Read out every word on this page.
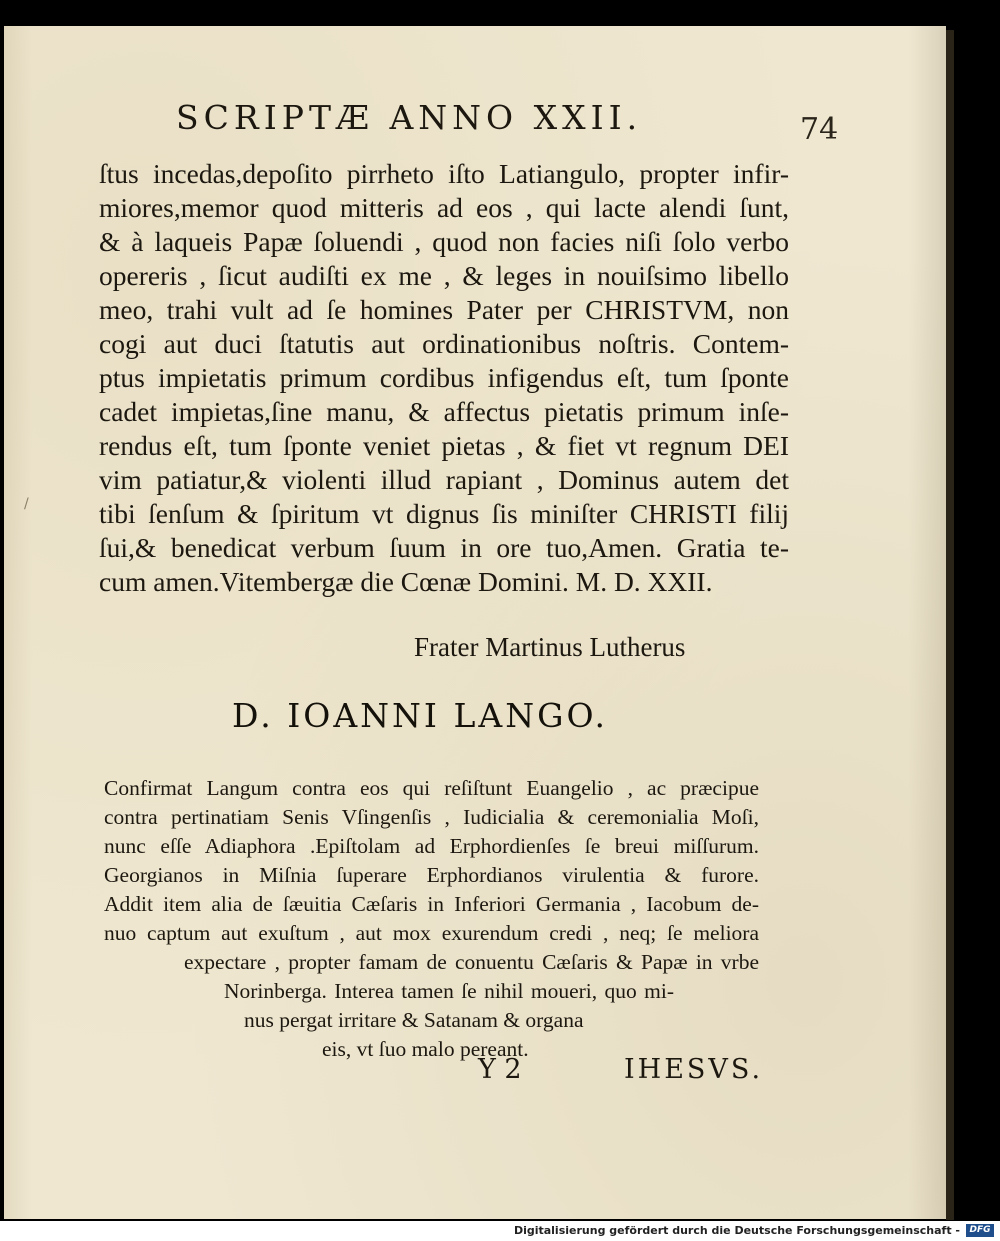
SCRIPTÆ ANNO XXII.	74
ſtus incedas,depoſito pirrheto iſto Latiangulo, propter infir-
miores,memor quod mitteris ad eos , qui lacte alendi ſunt,
& à laqueis Papæ ſoluendi , quod non facies niſi ſolo verbo
opereris , ſicut audiſti ex me , & leges in nouiſsimo libello
meo, trahi vult ad ſe homines Pater per CHRISTVM, non
cogi aut duci ſtatutis aut ordinationibus noſtris. Contem-
ptus impietatis primum cordibus infigendus eſt, tum ſponte
cadet impietas,ſine manu, & affectus pietatis primum inſe-
rendus eſt, tum ſponte veniet pietas , & fiet vt regnum DEI
vim patiatur,& violenti illud rapiant , Dominus autem det
tibi ſenſum & ſpiritum vt dignus ſis miniſter CHRISTI filij
ſui,& benedicat verbum ſuum in ore tuo,Amen. Gratia te-
cum amen.Vitembergæ die Cœnæ Domini. M. D. XXII.
Frater Martinus Lutherus
D. IOANNI LANGO.
Confirmat Langum contra eos qui reſiſtunt Euangelio , ac præcipue
contra pertinatiam Senis Vſingenſis , Iudicialia & ceremonialia Moſi,
nunc eſſe Adiaphora .Epiſtolam ad Erphordienſes ſe breui miſſurum.
Georgianos in Miſnia ſuperare Erphordianos virulentia & furore.
Addit item alia de ſæuitia Cæſaris in Inferiori Germania , Iacobum de-
nuo captum aut exuſtum , aut mox exurendum credi , neq; ſe meliora
expectare , propter famam de conuentu Cæſaris & Papæ in vrbe
Norinberga. Interea tamen ſe nihil moueri, quo mi-
nus pergat irritare & Satanam & organa
eis, vt ſuo malo pereant.
Y 2	IHESVS.
/
Digitalisierung gefördert durch die Deutsche Forschungsgemeinschaft -	DFG
